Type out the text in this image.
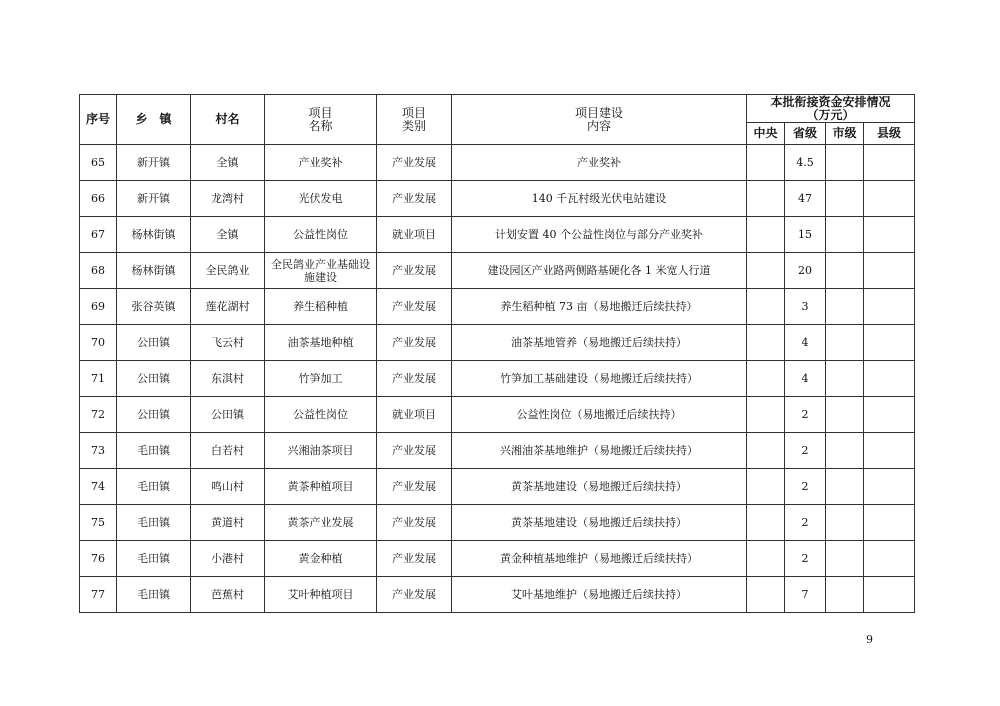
序号	乡　镇	村名	项目名称	项目类别	项目建设内容	本批衔接资金安排情况（万元）			
						中央	省级	市级	县级
65	新开镇	全镇	产业奖补	产业发展	产业奖补		4.5		
66	新开镇	龙湾村	光伏发电	产业发展	140 千瓦村级光伏电站建设		47		
67	杨林街镇	全镇	公益性岗位	就业项目	计划安置 40 个公益性岗位与部分产业奖补		15		
68	杨林街镇	全民鸽业	全民鸽业产业基础设施建设	产业发展	建设园区产业路两侧路基硬化各 1 米宽人行道		20		
69	张谷英镇	莲花湖村	养生稻种植	产业发展	养生稻种植 73 亩（易地搬迁后续扶持）		3		
70	公田镇	飞云村	油茶基地种植	产业发展	油茶基地管养（易地搬迁后续扶持）		4		
71	公田镇	东淇村	竹笋加工	产业发展	竹笋加工基础建设（易地搬迁后续扶持）		4		
72	公田镇	公田镇	公益性岗位	就业项目	公益性岗位（易地搬迁后续扶持）		2		
73	毛田镇	白若村	兴湘油茶项目	产业发展	兴湘油茶基地维护（易地搬迁后续扶持）		2		
74	毛田镇	鸣山村	黄茶种植项目	产业发展	黄茶基地建设（易地搬迁后续扶持）		2		
75	毛田镇	黄道村	黄茶产业发展	产业发展	黄茶基地建设（易地搬迁后续扶持）		2		
76	毛田镇	小港村	黄金种植	产业发展	黄金种植基地维护（易地搬迁后续扶持）		2		
77	毛田镇	芭蕉村	艾叶种植项目	产业发展	艾叶基地维护（易地搬迁后续扶持）		7		
9
